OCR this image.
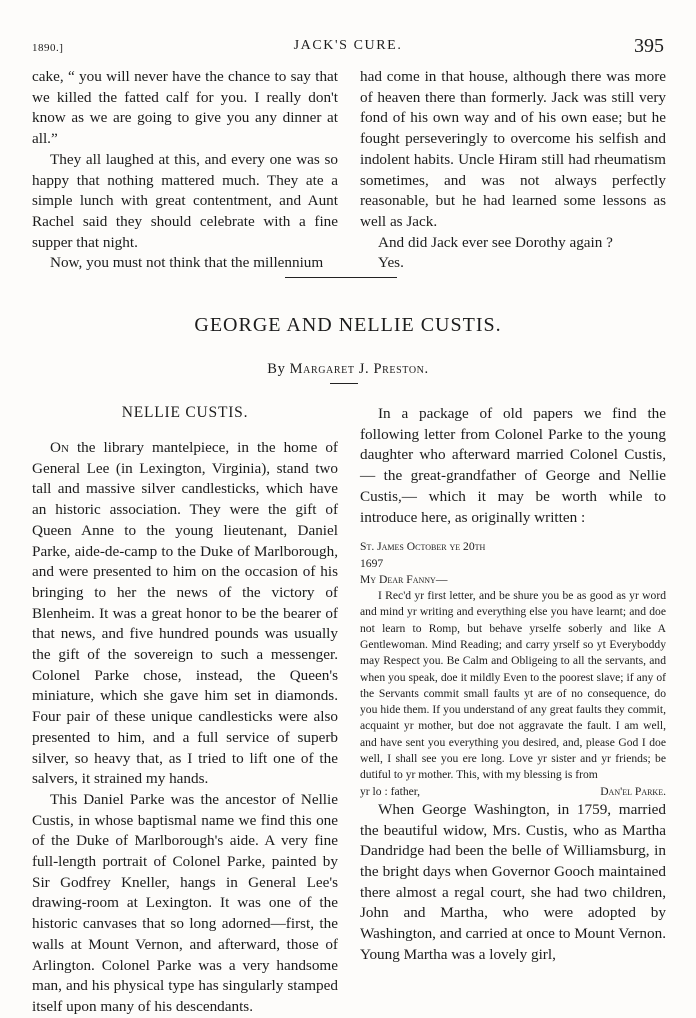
1890.]	JACK'S CURE.	395

cake, “ you will never have the chance to say that we killed the fatted calf for you. I really don't know as we are going to give you any dinner at all.”

They all laughed at this, and every one was so happy that nothing mattered much. They ate a simple lunch with great contentment, and Aunt Rachel said they should celebrate with a fine supper that night.

Now, you must not think that the millennium

had come in that house, although there was more of heaven there than formerly. Jack was still very fond of his own way and of his own ease; but he fought perseveringly to overcome his selfish and indolent habits. Uncle Hiram still had rheumatism sometimes, and was not always perfectly reasonable, but he had learned some lessons as well as Jack.

And did Jack ever see Dorothy again ?

Yes.

GEORGE AND NELLIE CUSTIS.
By Margaret J. Preston.
NELLIE CUSTIS.

On the library mantelpiece, in the home of General Lee (in Lexington, Virginia), stand two tall and massive silver candlesticks, which have an historic association. They were the gift of Queen Anne to the young lieutenant, Daniel Parke, aide-de-camp to the Duke of Marlborough, and were presented to him on the occasion of his bringing to her the news of the victory of Blenheim. It was a great honor to be the bearer of that news, and five hundred pounds was usually the gift of the sovereign to such a messenger. Colonel Parke chose, instead, the Queen's miniature, which she gave him set in diamonds. Four pair of these unique candlesticks were also presented to him, and a full service of superb silver, so heavy that, as I tried to lift one of the salvers, it strained my hands.

This Daniel Parke was the ancestor of Nellie Custis, in whose baptismal name we find this one of the Duke of Marlborough's aide. A very fine full-length portrait of Colonel Parke, painted by Sir Godfrey Kneller, hangs in General Lee's drawing-room at Lexington. It was one of the historic canvases that so long adorned—first, the walls at Mount Vernon, and afterward, those of Arlington. Colonel Parke was a very handsome man, and his physical type has singularly stamped itself upon many of his descendants.

In a package of old papers we find the following letter from Colonel Parke to the young daughter who afterward married Colonel Custis,— the great-grandfather of George and Nellie Custis,— which it may be worth while to introduce here, as originally written :

St. James October ye 20th
1697
My Dear Fanny—

I Rec'd yr first letter, and be shure you be as good as yr word and mind yr writing and everything else you have learnt; and doe not learn to Romp, but behave yrselfe soberly and like A Gentlewoman. Mind Reading; and carry yrself so yt Everyboddy may Respect you. Be Calm and Obligeing to all the servants, and when you speak, doe it mildly Even to the poorest slave; if any of the Servants commit small faults yt are of no consequence, do you hide them. If you understand of any great faults they commit, acquaint yr mother, but doe not aggravate the fault. I am well, and have sent you everything you desired, and, please God I doe well, I shall see you ere long. Love yr sister and yr friends; be dutiful to yr mother. This, with my blessing is from

yr lo : father,	Dan'el Parke.

When George Washington, in 1759, married the beautiful widow, Mrs. Custis, who as Martha Dandridge had been the belle of Williamsburg, in the bright days when Governor Gooch maintained there almost a regal court, she had two children, John and Martha, who were adopted by Washington, and carried at once to Mount Vernon. Young Martha was a lovely girl,
